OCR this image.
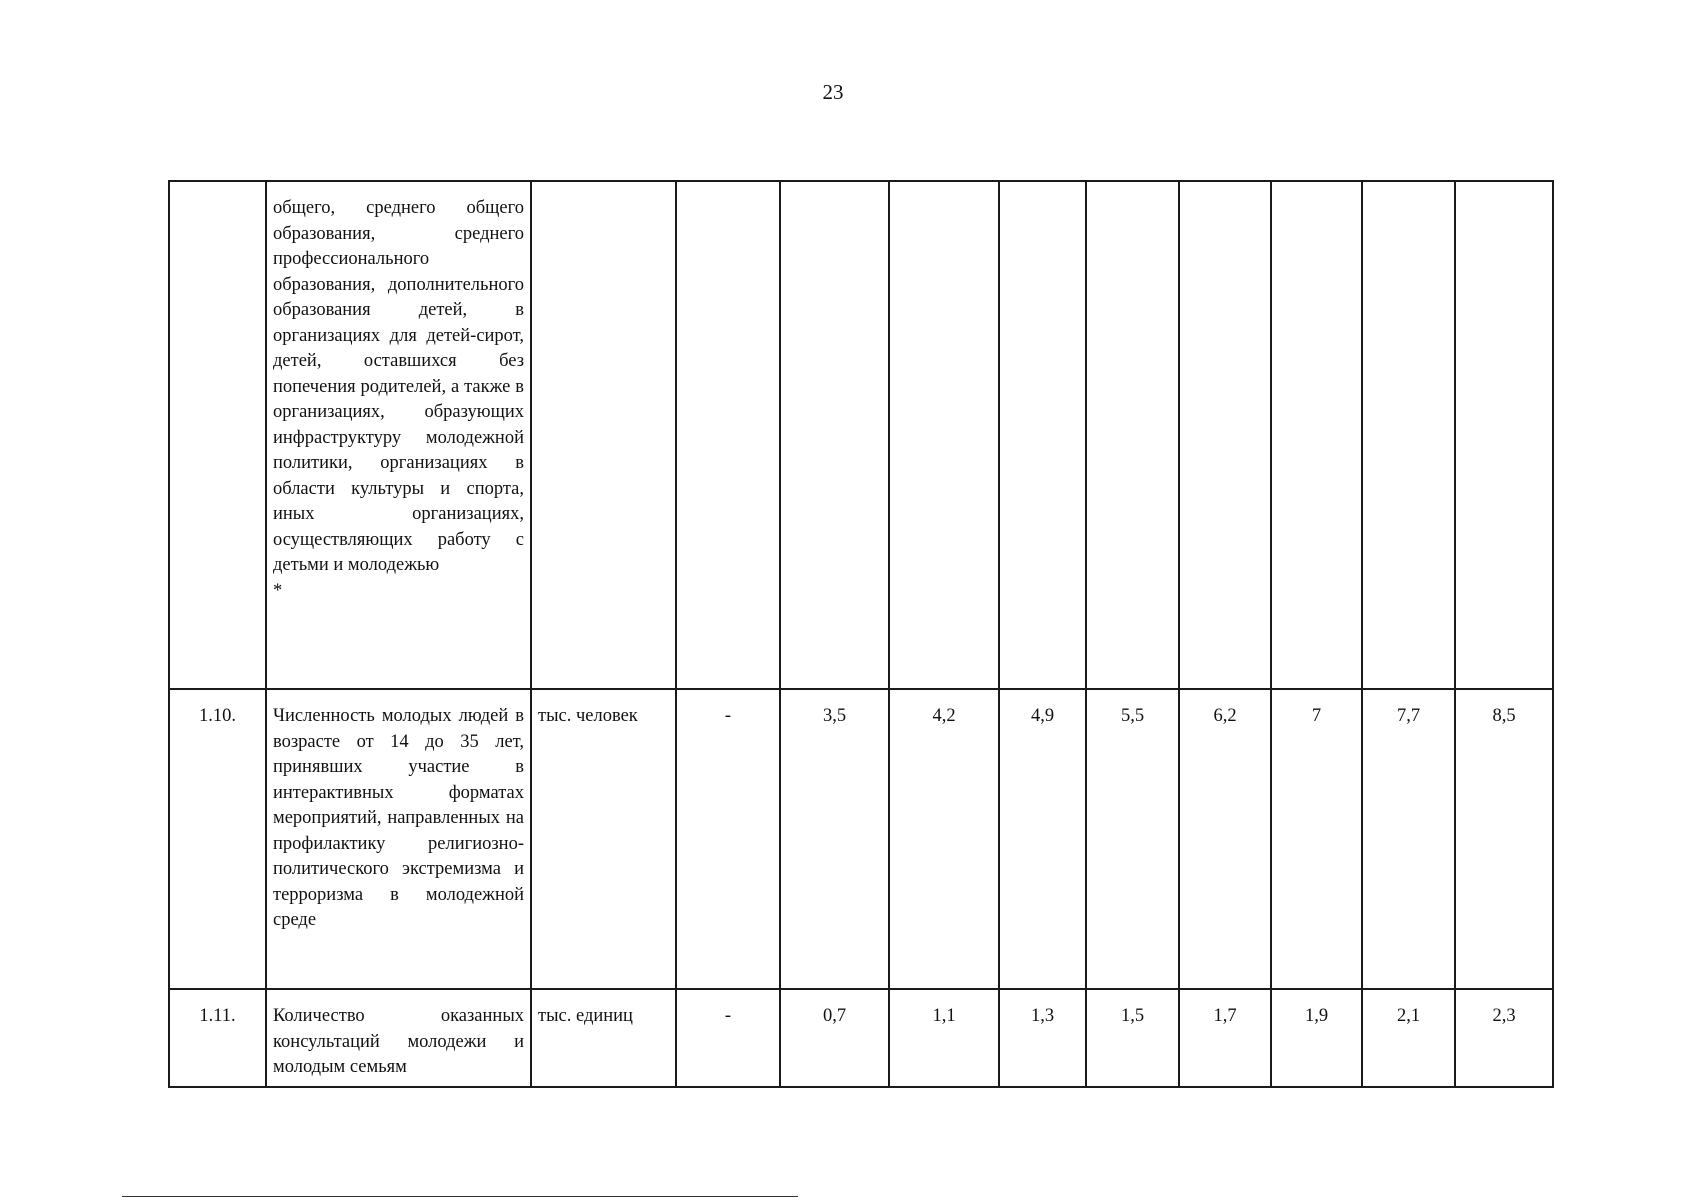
23

	общего, среднего общего образования, среднего профессионального образования, дополнительного образования детей, в организациях для детей-сирот, детей, оставшихся без попечения родителей, а также в организациях, образующих инфраструктуру молодежной политики, организациях в области культуры и спорта, иных организациях, осуществляющих работу с детьми и молодежью
*										

1.10.	Численность молодых людей в возрасте от 14 до 35 лет, принявших участие в интерактивных форматах мероприятий, направленных на профилактику религиозно-политического экстремизма и терроризма в молодежной среде	тыс. человек	-	3,5	4,2	4,9	5,5	6,2	7	7,7	8,5
1.11.	Количество оказанных консультаций молодежи и молодым семьям	тыс. единиц	-	0,7	1,1	1,3	1,5	1,7	1,9	2,1	2,3
